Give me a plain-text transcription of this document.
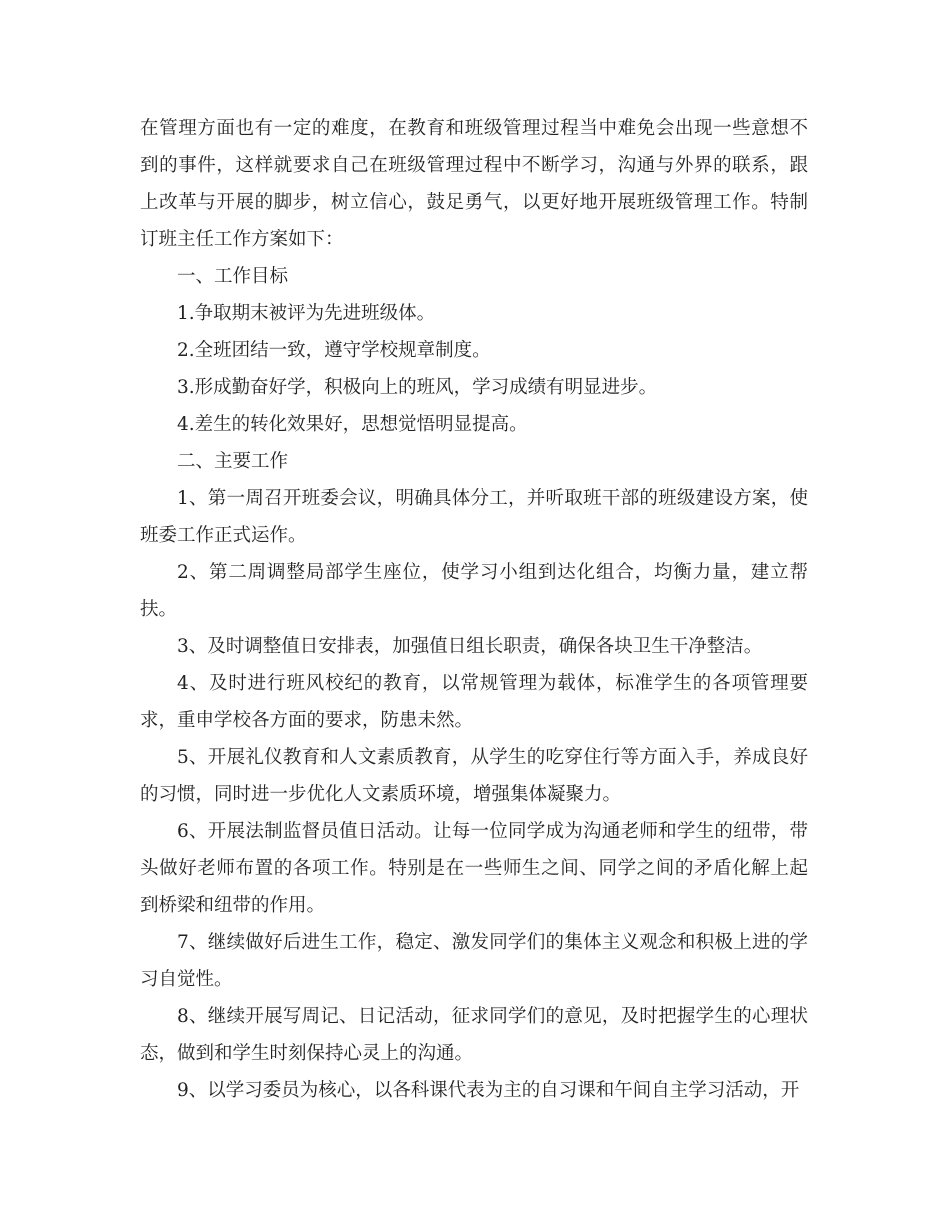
在管理方面也有一定的难度，在教育和班级管理过程当中难免会出现一些意想不
到的事件，这样就要求自己在班级管理过程中不断学习，沟通与外界的联系，跟
上改革与开展的脚步，树立信心，鼓足勇气，以更好地开展班级管理工作。特制
订班主任工作方案如下：
一、工作目标
1.争取期末被评为先进班级体。
2.全班团结一致，遵守学校规章制度。
3.形成勤奋好学，积极向上的班风，学习成绩有明显进步。
4.差生的转化效果好，思想觉悟明显提高。
二、主要工作
1、第一周召开班委会议，明确具体分工，并听取班干部的班级建设方案，使
班委工作正式运作。
2、第二周调整局部学生座位，使学习小组到达化组合，均衡力量，建立帮
扶。
3、及时调整值日安排表，加强值日组长职责，确保各块卫生干净整洁。
4、及时进行班风校纪的教育，以常规管理为载体，标准学生的各项管理要
求，重申学校各方面的要求，防患未然。
5、开展礼仪教育和人文素质教育，从学生的吃穿住行等方面入手，养成良好
的习惯，同时进一步优化人文素质环境，增强集体凝聚力。
6、开展法制监督员值日活动。让每一位同学成为沟通老师和学生的纽带，带
头做好老师布置的各项工作。特别是在一些师生之间、同学之间的矛盾化解上起
到桥梁和纽带的作用。
7、继续做好后进生工作，稳定、激发同学们的集体主义观念和积极上进的学
习自觉性。
8、继续开展写周记、日记活动，征求同学们的意见，及时把握学生的心理状
态，做到和学生时刻保持心灵上的沟通。
9、以学习委员为核心，以各科课代表为主的自习课和午间自主学习活动，开
